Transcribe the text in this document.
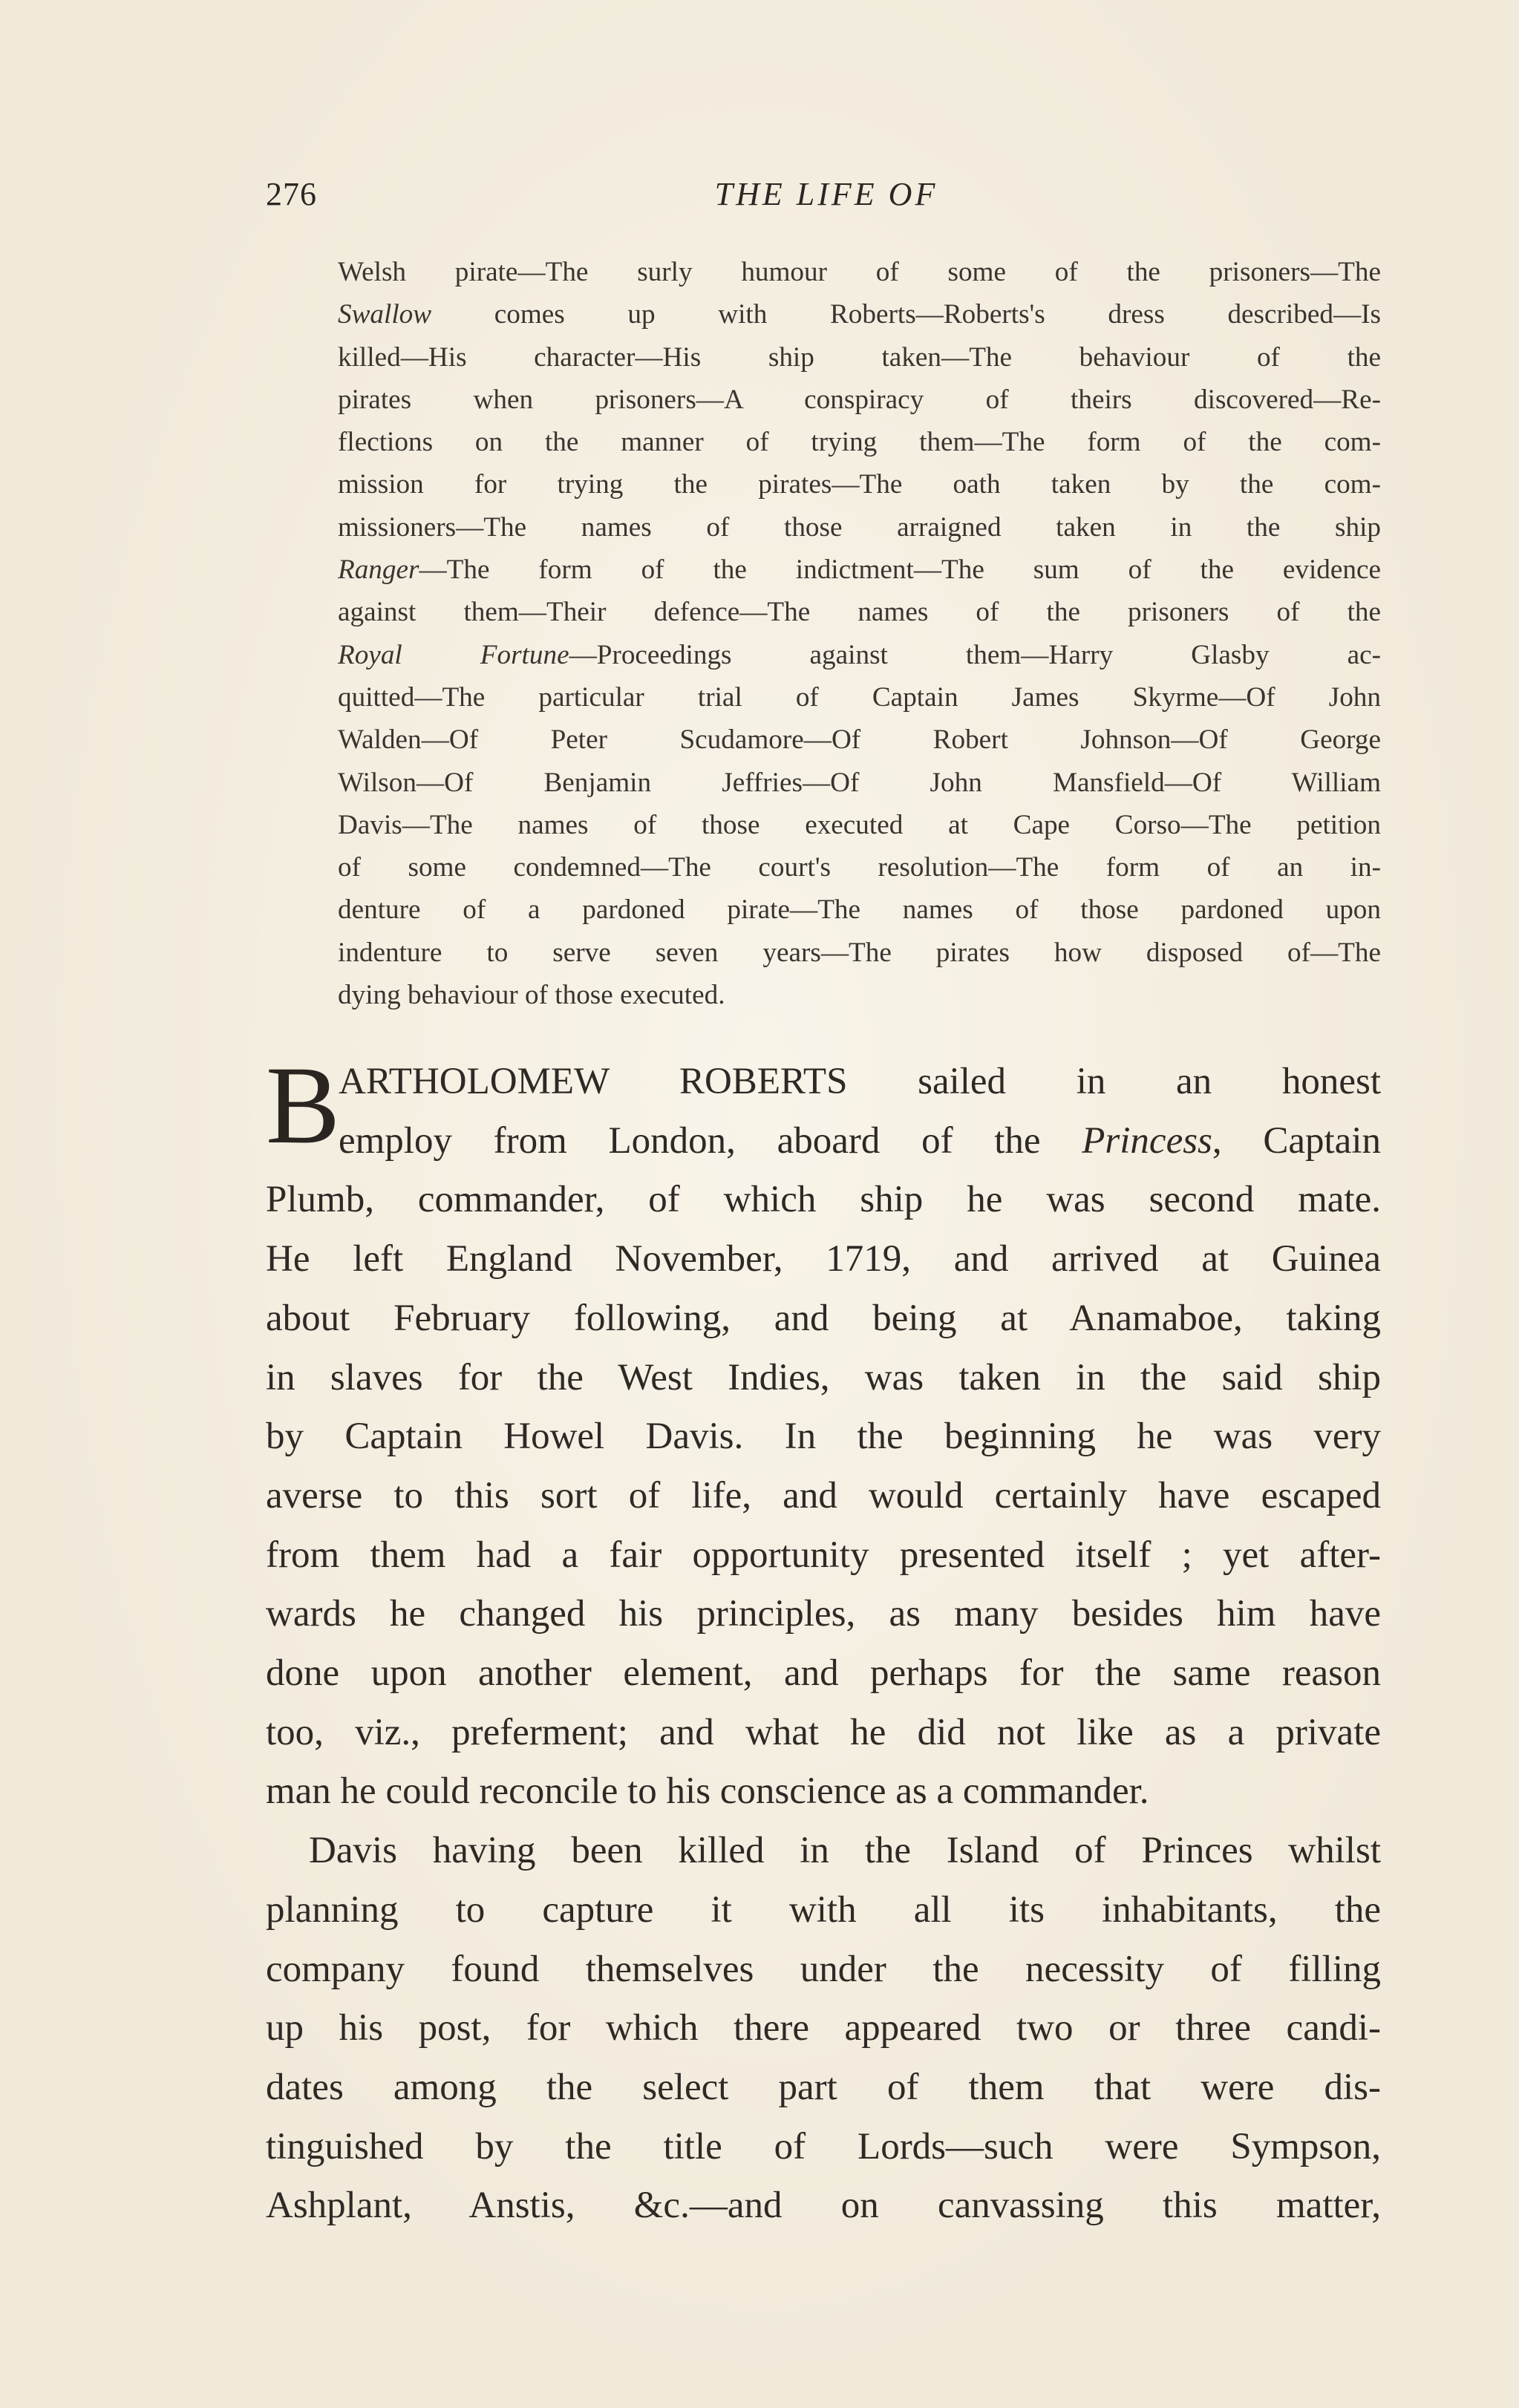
276	THE LIFE OF
Welsh pirate—The surly humour of some of the prisoners—The
Swallow comes up with Roberts—Roberts's dress described—Is
killed—His character—His ship taken—The behaviour of the
pirates when prisoners—A conspiracy of theirs discovered—Re-
flections on the manner of trying them—The form of the com-
mission for trying the pirates—The oath taken by the com-
missioners—The names of those arraigned taken in the ship
Ranger—The form of the indictment—The sum of the evidence
against them—Their defence—The names of the prisoners of the
Royal Fortune—Proceedings against them—Harry Glasby ac-
quitted—The particular trial of Captain James Skyrme—Of John
Walden—Of Peter Scudamore—Of Robert Johnson—Of George
Wilson—Of Benjamin Jeffries—Of John Mansfield—Of William
Davis—The names of those executed at Cape Corso—The petition
of some condemned—The court's resolution—The form of an in-
denture of a pardoned pirate—The names of those pardoned upon
indenture to serve seven years—The pirates how disposed of—The
dying behaviour of those executed.
B
ARTHOLOMEW ROBERTS sailed in an honest
employ from London, aboard of the Princess, Captain
Plumb, commander, of which ship he was second mate.
He left England November, 1719, and arrived at Guinea
about February following, and being at Anamaboe, taking
in slaves for the West Indies, was taken in the said ship
by Captain Howel Davis. In the beginning he was very
averse to this sort of life, and would certainly have escaped
from them had a fair opportunity presented itself ; yet after-
wards he changed his principles, as many besides him have
done upon another element, and perhaps for the same reason
too, viz., preferment; and what he did not like as a private
man he could reconcile to his conscience as a commander.
Davis having been killed in the Island of Princes whilst
planning to capture it with all its inhabitants, the
company found themselves under the necessity of filling
up his post, for which there appeared two or three candi-
dates among the select part of them that were dis-
tinguished by the title of Lords—such were Sympson,
Ashplant, Anstis, &c.—and on canvassing this matter,
